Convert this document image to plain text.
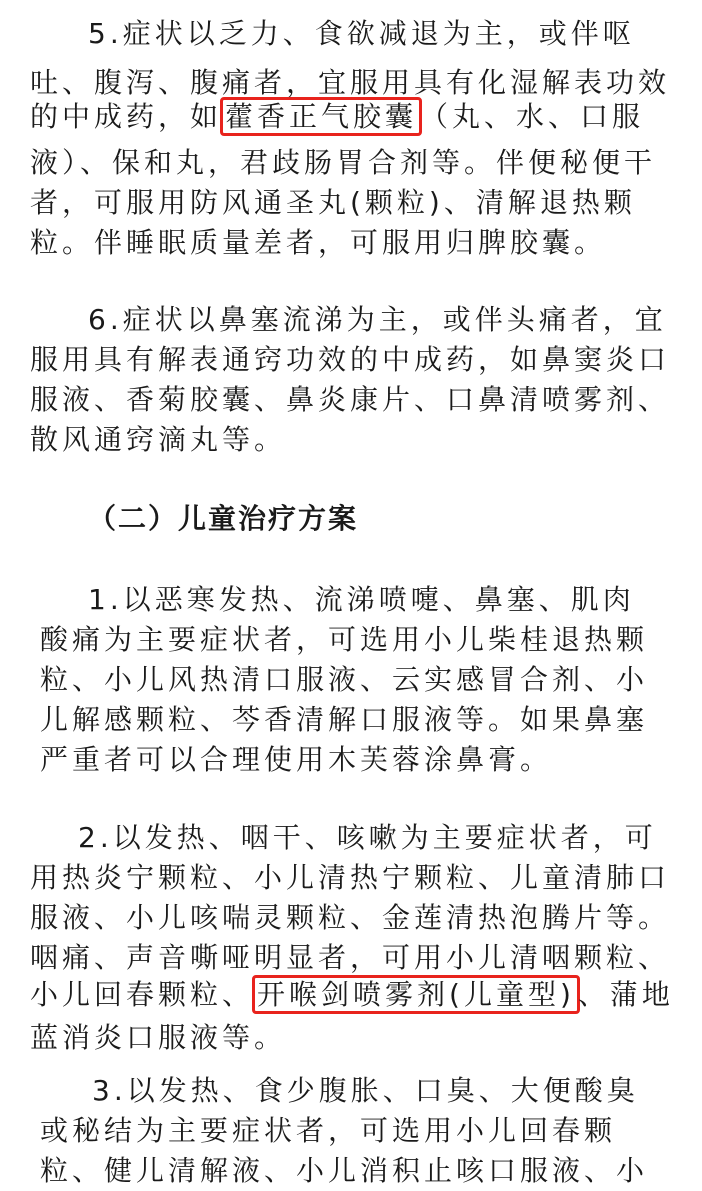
5.症状以乏力、食欲减退为主，或伴呕
吐、腹泻、腹痛者，宜服用具有化湿解表功效
的中成药，如 藿香正气胶囊 （丸、水、口服
液）、保和丸，君歧肠胃合剂等。伴便秘便干
者，可服用防风通圣丸(颗粒)、清解退热颗
粒。伴睡眠质量差者，可服用归脾胶囊。
6.症状以鼻塞流涕为主，或伴头痛者，宜
服用具有解表通窍功效的中成药，如鼻窦炎口
服液、香菊胶囊、鼻炎康片、口鼻清喷雾剂、
散风通窍滴丸等。
（二）儿童治疗方案
1.以恶寒发热、流涕喷嚏、鼻塞、肌肉
酸痛为主要症状者，可选用小儿柴桂退热颗
粒、小儿风热清口服液、云实感冒合剂、小
儿解感颗粒、芩香清解口服液等。如果鼻塞
严重者可以合理使用木芙蓉涂鼻膏。
2.以发热、咽干、咳嗽为主要症状者，可
用热炎宁颗粒、小儿清热宁颗粒、儿童清肺口
服液、小儿咳喘灵颗粒、金莲清热泡腾片等。
咽痛、声音嘶哑明显者，可用小儿清咽颗粒、
小儿回春颗粒、 开喉剑喷雾剂(儿童型) 、蒲地
蓝消炎口服液等。
3.以发热、食少腹胀、口臭、大便酸臭
或秘结为主要症状者，可选用小儿回春颗
粒、健儿清解液、小儿消积止咳口服液、小
